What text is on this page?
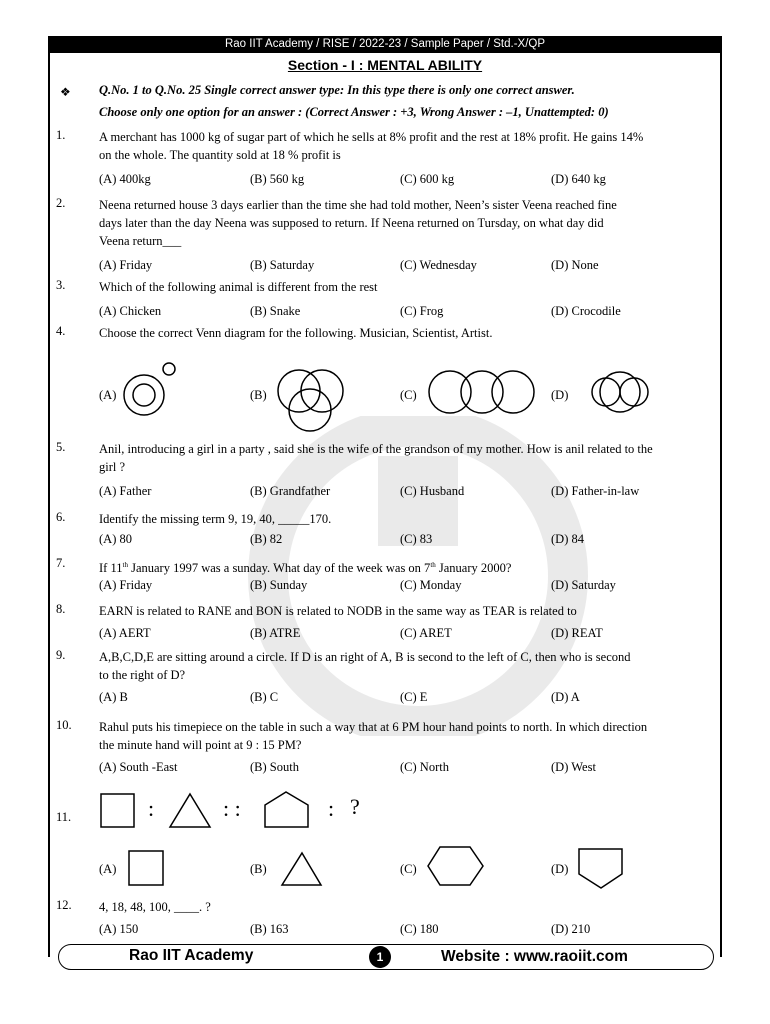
Rao IIT Academy / RISE / 2022-23 / Sample Paper / Std.-X/QP
Section - I : MENTAL ABILITY
❖ Q.No. 1 to Q.No. 25 Single correct answer type: In this type there is only one correct answer.
Choose only one option for an answer : (Correct Answer : +3, Wrong Answer : –1, Unattempted: 0)
1.	A merchant has 1000 kg of sugar part of which he sells at 8% profit and the rest at 18% profit. He gains 14%
on the whole. The quantity sold at 18 % profit is
(A) 400kg	(B) 560 kg	(C) 600 kg	(D) 640 kg
2.	Neena returned house 3 days earlier than the time she had told mother, Neen’s sister Veena reached fine
days later than the day Neena was supposed to return. If Neena returned on Tursday, on what day did
Veena return___
(A) Friday	(B) Saturday	(C) Wednesday	(D) None
3.	Which of the following animal is different from the rest
(A) Chicken	(B) Snake	(C) Frog	(D) Crocodile
4.	Choose the correct Venn diagram for the following. Musician, Scientist, Artist.
(A)	(B)	(C)	(D)
5.	Anil, introducing a girl in a party , said she is the wife of the grandson of my mother. How is anil related to the
girl ?
(A) Father	(B) Grandfather	(C) Husband	(D) Father-in-law
6.	Identify the missing term 9, 19, 40, _____170.
(A) 80	(B) 82	(C) 83	(D) 84
7.	If 11th January 1997 was a sunday. What day of the week was on 7th January 2000?
(A) Friday	(B) Sunday	(C) Monday	(D) Saturday
8.	EARN is related to RANE and BON is related to NODB in the same way as TEAR is related to
(A) AERT	(B) ATRE	(C) ARET	(D) REAT
9.	A,B,C,D,E are sitting around a circle. If D is an right of A, B is second to the left of C, then who is second
to the right of D?
(A) B	(B) C	(C) E	(D) A
10. Rahul puts his timepiece on the table in such a way that at 6 PM hour hand points to north. In which direction
the minute hand will point at 9 : 15 PM?
(A) South -East	(B) South	(C) North	(D) West
11.
(A)	(B)	(C)	(D)
12. 4, 18, 48, 100, ____. ?
(A) 150	(B) 163	(C) 180	(D) 210
:	: :	: ?
Rao IIT Academy	1	Website : www.raoiit.com
